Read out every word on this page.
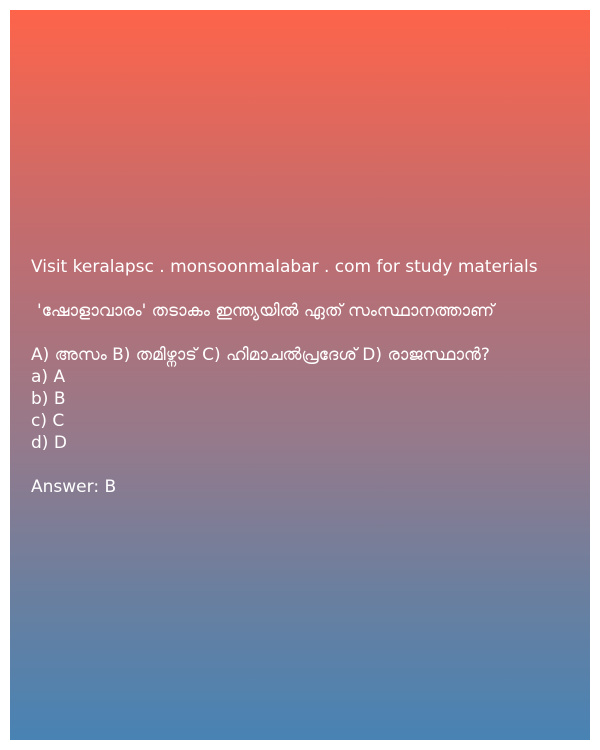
Visit keralapsc . monsoonmalabar . com for study materials
'ഷോളാവാരം' തടാകം ഇന്ത്യയിൽ ഏത് സംസ്ഥാനത്താണ്
A) അസം B) തമിഴ്നാട് C) ഹിമാചൽപ്രദേശ് D) രാജസ്ഥാൻ?
a) A
b) B
c) C
d) D
Answer: B
